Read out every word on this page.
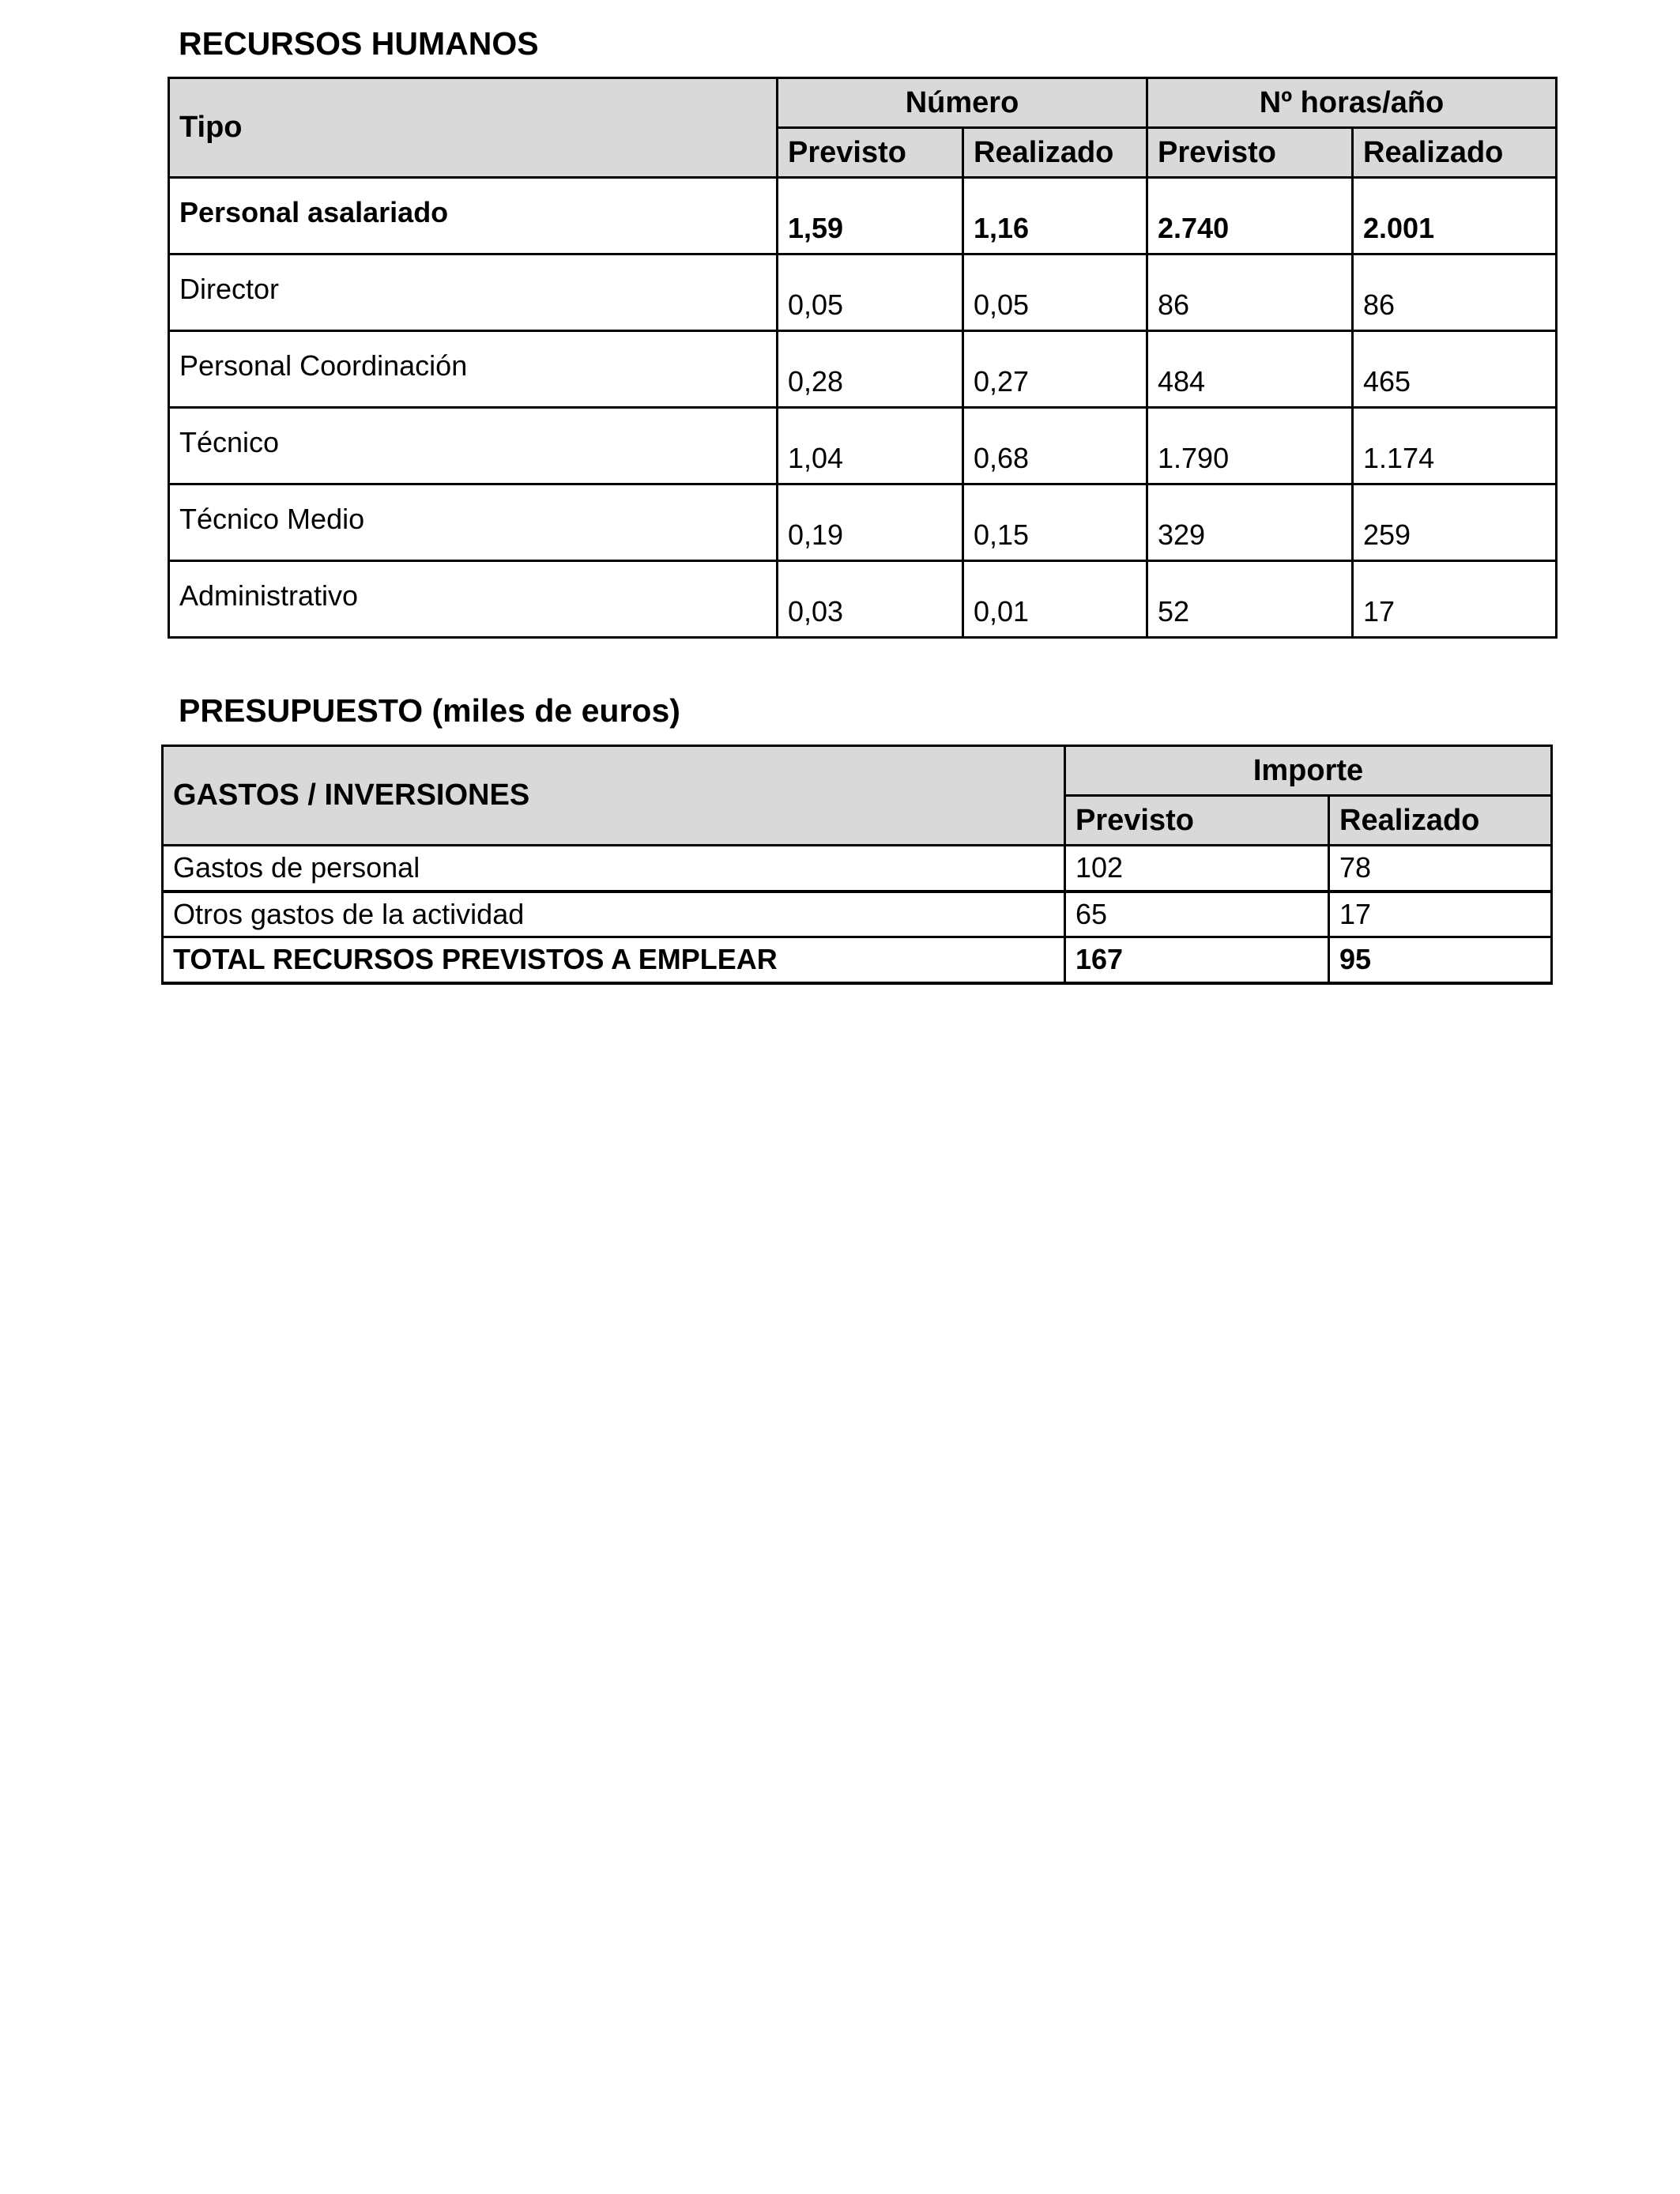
RECURSOS HUMANOS
Tipo	Número		Nº horas/año	
	Previsto	Realizado	Previsto	Realizado
Personal asalariado	1,59	1,16	2.740	2.001
Director	0,05	0,05	86	86
Personal Coordinación	0,28	0,27	484	465
Técnico	1,04	0,68	1.790	1.174
Técnico Medio	0,19	0,15	329	259
Administrativo	0,03	0,01	52	17
PRESUPUESTO (miles de euros)
GASTOS / INVERSIONES	Importe	
	Previsto	Realizado
Gastos de personal	102	78
Otros gastos de la actividad	65	17
TOTAL RECURSOS PREVISTOS A EMPLEAR	167	95
